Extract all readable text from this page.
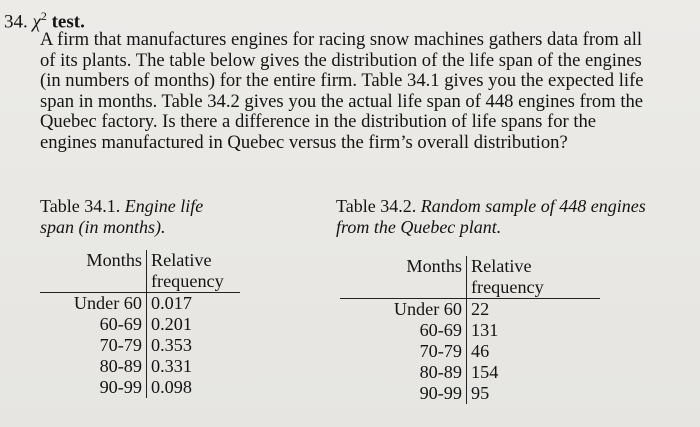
34. $\chi^2$ test.
A firm that manufactures engines for racing snow machines gathers data from all
of its plants. The table below gives the distribution of the life span of the engines
(in numbers of months) for the entire firm. Table 34.1 gives you the expected life
span in months. Table 34.2 gives you the actual life span of 448 engines from the
Quebec factory. Is there a difference in the distribution of life spans for the
engines manufactured in Quebec versus the firm’s overall distribution?
Table 34.1. Engine life
span (in months).
Months	Relative
frequency

Under 60	0.017
60-69	0.201
70-79	0.353
80-89	0.331
90-99	0.098
Table 34.2. Random sample of 448 engines
from the Quebec plant.
Months	Relative
frequency

Under 60	22
60-69	131
70-79	46
80-89	154
90-99	95
